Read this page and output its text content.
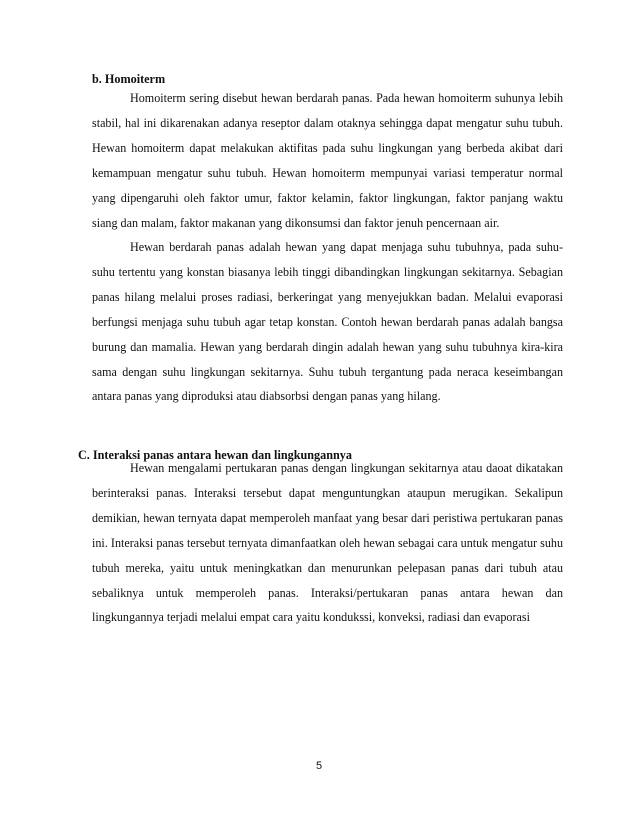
b. Homoiterm

Homoiterm sering disebut hewan berdarah panas. Pada hewan homoiterm suhunya lebih stabil, hal ini dikarenakan adanya reseptor dalam otaknya sehingga dapat mengatur suhu tubuh. Hewan homoiterm dapat melakukan aktifitas pada suhu lingkungan yang berbeda akibat dari kemampuan mengatur suhu tubuh. Hewan homoiterm mempunyai variasi temperatur normal yang dipengaruhi oleh faktor umur, faktor kelamin, faktor lingkungan, faktor panjang waktu siang dan malam, faktor makanan yang dikonsumsi dan faktor jenuh pencernaan air.

Hewan berdarah panas adalah hewan yang dapat menjaga suhu tubuhnya, pada suhu-suhu tertentu yang konstan biasanya lebih tinggi dibandingkan lingkungan sekitarnya. Sebagian panas hilang melalui proses radiasi, berkeringat yang menyejukkan badan. Melalui evaporasi berfungsi menjaga suhu tubuh agar tetap konstan. Contoh hewan berdarah panas adalah bangsa burung dan mamalia. Hewan yang berdarah dingin adalah hewan yang suhu tubuhnya kira-kira sama dengan suhu lingkungan sekitarnya. Suhu tubuh tergantung pada neraca keseimbangan antara panas yang diproduksi atau diabsorbsi dengan panas yang hilang.

C. Interaksi panas antara hewan dan lingkungannya

Hewan mengalami pertukaran panas dengan lingkungan sekitarnya atau daoat dikatakan berinteraksi panas. Interaksi tersebut dapat menguntungkan ataupun merugikan. Sekalipun demikian, hewan ternyata dapat memperoleh manfaat yang besar dari peristiwa pertukaran panas ini. Interaksi panas tersebut ternyata dimanfaatkan oleh hewan sebagai cara untuk mengatur suhu tubuh mereka, yaitu untuk meningkatkan dan menurunkan pelepasan panas dari tubuh atau sebaliknya untuk memperoleh panas. Interaksi/pertukaran panas antara hewan dan lingkungannya terjadi melalui empat cara yaitu kondukssi, konveksi, radiasi dan evaporasi

5
